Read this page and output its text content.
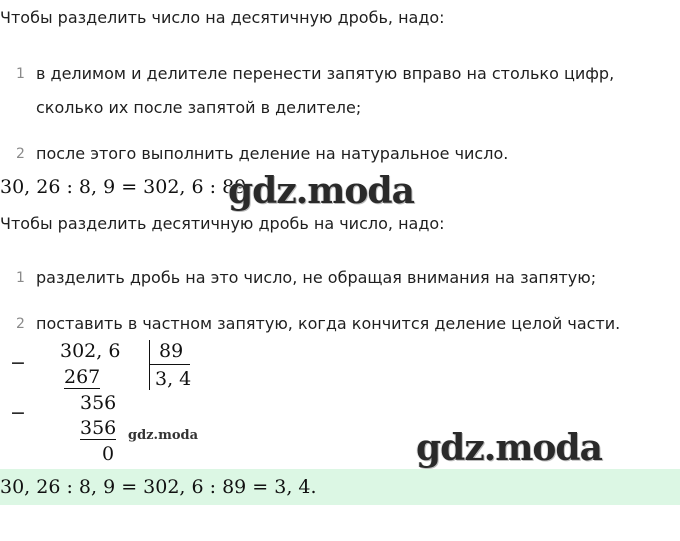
Чтобы разделить число на десятичную дробь, надо:
1 в делимом и делителе перенести запятую вправо на столько цифр,
сколько их после запятой в делителе;
2 после этого выполнить деление на натуральное число.
30, 26 : 8, 9 = 302, 6 : 89.
gdz.moda
Чтобы разделить десятичную дробь на число, надо:
1 разделить дробь на это число, не обращая внимания на запятую;
2 поставить в частном запятую, когда кончится деление целой части.
−
302, 6
267
89
3, 4
−	356
356
0
gdz.moda	gdz.moda
30, 26 : 8, 9 = 302, 6 : 89 = 3, 4.
